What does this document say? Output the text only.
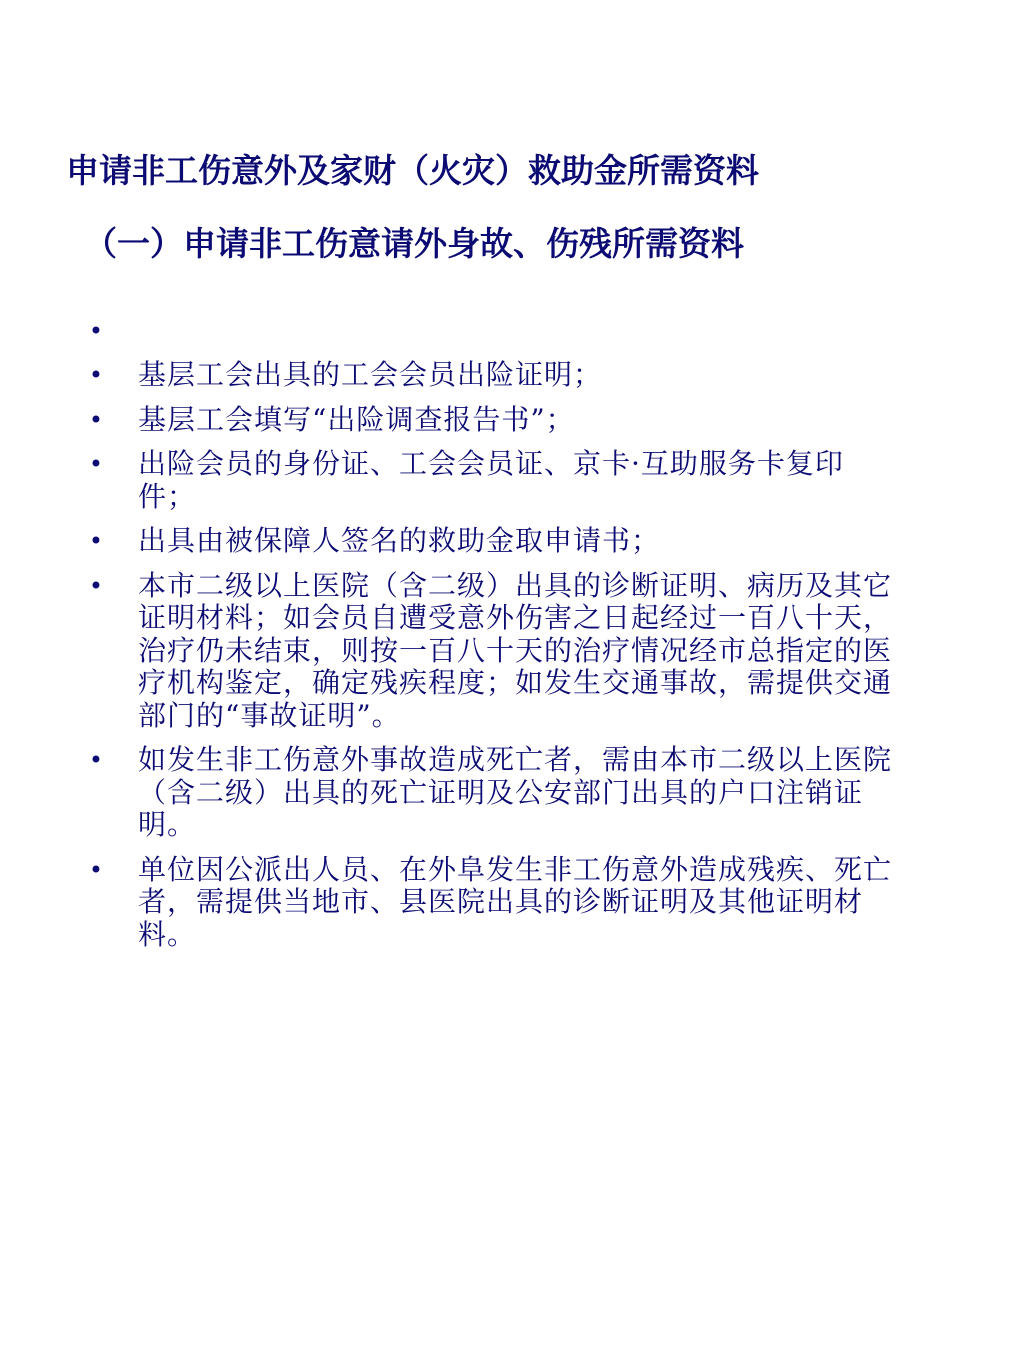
申请非工伤意外及家财（火灾）救助金所需资料
（一）申请非工伤意请外身故、伤残所需资料
•
• 基层工会出具的工会会员出险证明；
• 基层工会填写“出险调查报告书”；
• 出险会员的身份证、工会会员证、京卡·互助服务卡复印件；
• 出具由被保障人签名的救助金取申请书；
• 本市二级以上医院（含二级）出具的诊断证明、病历及其它证明材料；如会员自遭受意外伤害之日起经过一百八十天，治疗仍未结束，则按一百八十天的治疗情况经市总指定的医疗机构鉴定，确定残疾程度；如发生交通事故，需提供交通部门的“事故证明”。
• 如发生非工伤意外事故造成死亡者，需由本市二级以上医院（含二级）出具的死亡证明及公安部门出具的户口注销证明。
• 单位因公派出人员、在外阜发生非工伤意外造成残疾、死亡者，需提供当地市、县医院出具的诊断证明及其他证明材料。
